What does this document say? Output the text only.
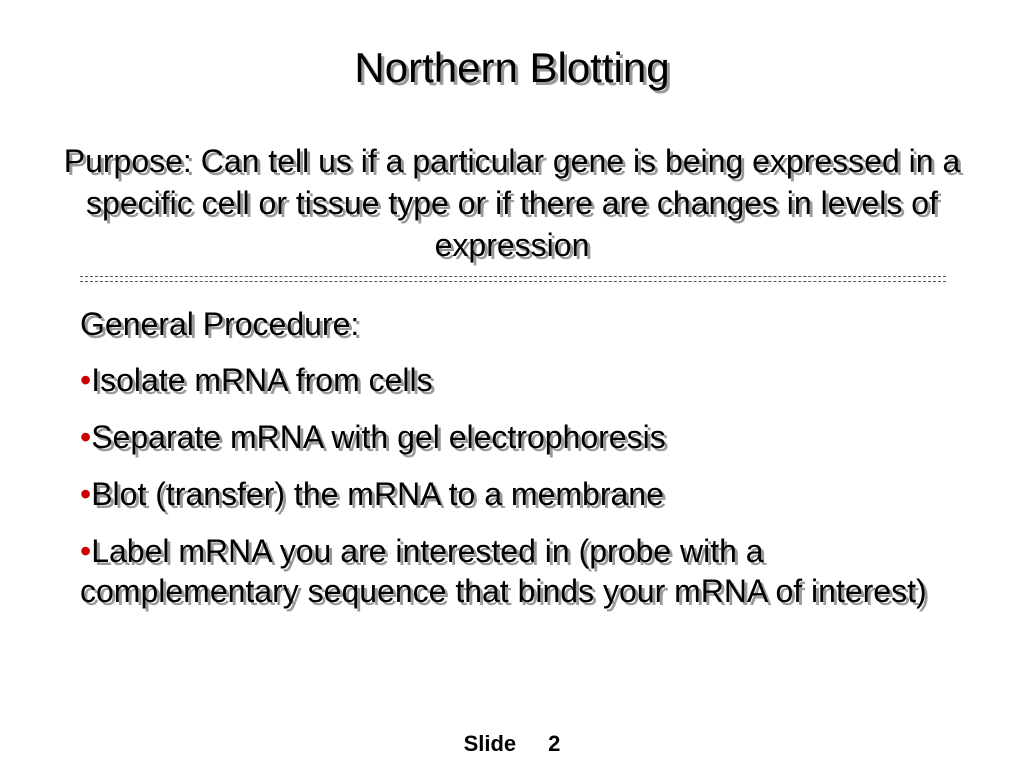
Northern Blotting
Purpose: Can tell us if a particular gene is being expressed in a specific cell or tissue type or if there are changes in levels of expression
General Procedure:
•Isolate mRNA from cells
•Separate mRNA with gel electrophoresis
•Blot (transfer) the mRNA to a membrane
•Label mRNA you are interested in (probe with a complementary sequence that binds your mRNA of interest)
Slide 2
